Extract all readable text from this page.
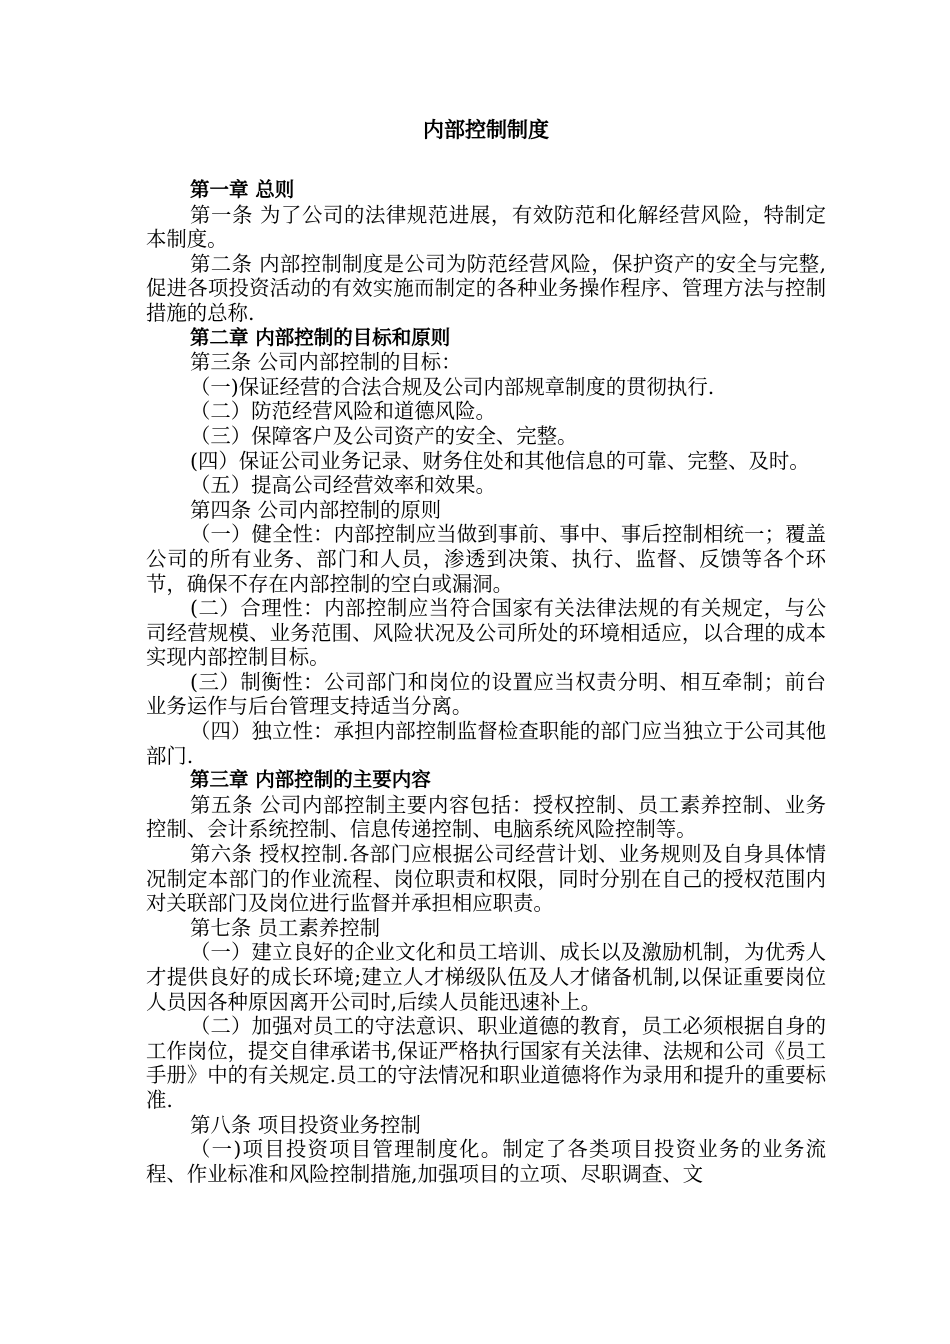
内部控制制度

第一章 总则

第一条 为了公司的法律规范进展，有效防范和化解经营风险，特制定本制度。

第二条 内部控制制度是公司为防范经营风险，保护资产的安全与完整,促进各项投资活动的有效实施而制定的各种业务操作程序、管理方法与控制措施的总称.

第二章 内部控制的目标和原则

第三条 公司内部控制的目标：

（一)保证经营的合法合规及公司内部规章制度的贯彻执行.

（二）防范经营风险和道德风险。

（三）保障客户及公司资产的安全、完整。

(四）保证公司业务记录、财务住处和其他信息的可靠、完整、及时。

（五）提高公司经营效率和效果。

第四条 公司内部控制的原则

（一）健全性：内部控制应当做到事前、事中、事后控制相统一；覆盖公司的所有业务、部门和人员，渗透到决策、执行、监督、反馈等各个环节，确保不存在内部控制的空白或漏洞。

(二）合理性：内部控制应当符合国家有关法律法规的有关规定，与公司经营规模、业务范围、风险状况及公司所处的环境相适应，以合理的成本实现内部控制目标。

(三）制衡性：公司部门和岗位的设置应当权责分明、相互牵制；前台业务运作与后台管理支持适当分离。

（四）独立性：承担内部控制监督检查职能的部门应当独立于公司其他部门.

第三章 内部控制的主要内容

第五条 公司内部控制主要内容包括：授权控制、员工素养控制、业务控制、会计系统控制、信息传递控制、电脑系统风险控制等。

第六条 授权控制.各部门应根据公司经营计划、业务规则及自身具体情况制定本部门的作业流程、岗位职责和权限，同时分别在自己的授权范围内对关联部门及岗位进行监督并承担相应职责。

第七条 员工素养控制

（一）建立良好的企业文化和员工培训、成长以及激励机制，为优秀人才提供良好的成长环境;建立人才梯级队伍及人才储备机制,以保证重要岗位人员因各种原因离开公司时,后续人员能迅速补上。

（二）加强对员工的守法意识、职业道德的教育，员工必须根据自身的工作岗位，提交自律承诺书,保证严格执行国家有关法律、法规和公司《员工手册》中的有关规定.员工的守法情况和职业道德将作为录用和提升的重要标准.

第八条 项目投资业务控制

（一)项目投资项目管理制度化。制定了各类项目投资业务的业务流程、作业标准和风险控制措施,加强项目的立项、尽职调查、文
